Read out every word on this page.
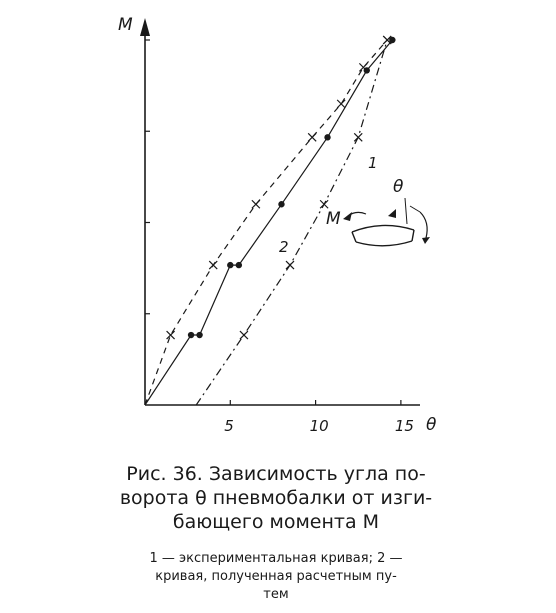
5	10	15
M
θ
1
2
M
θ
Рис. 36. Зависимость угла по-
ворота θ пневмобалки от изги-
бающего момента M
1 — экспериментальная кривая; 2 —
кривая, полученная расчетным пу-
тем
